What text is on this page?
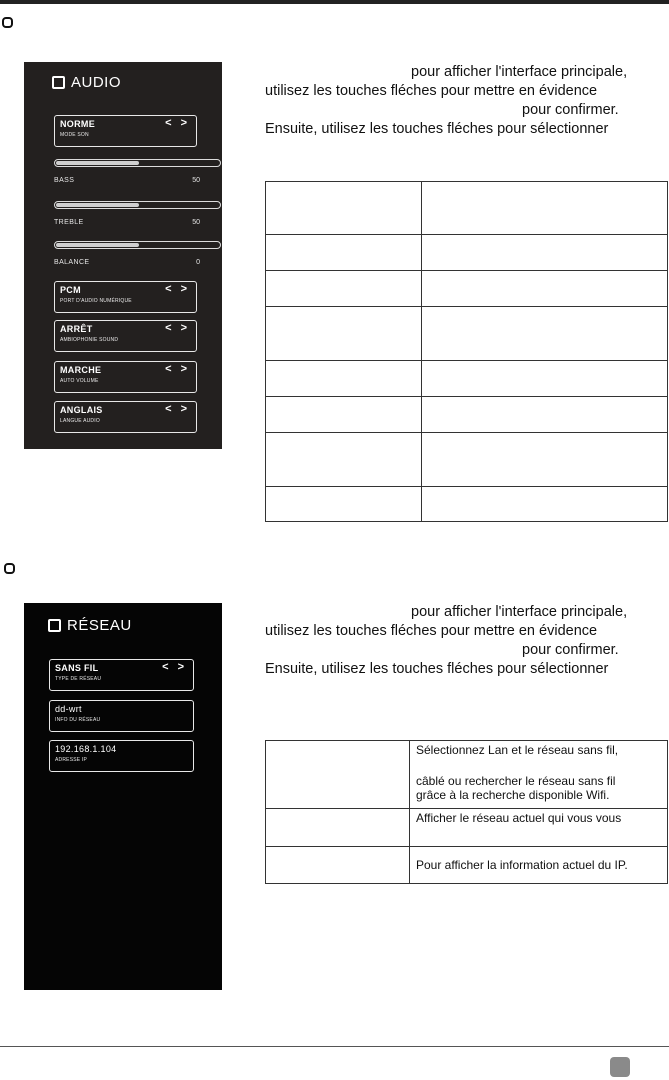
AUDIO
NORME
MODE SON
< >
BASS	50
TREBLE	50
BALANCE	0
PCM
PORT D'AUDIO NUMÉRIQUE
< >
ARRÊT
AMBIOPHONIE SOUND
< >
MARCHE
AUTO VOLUME
< >
ANGLAIS
LANGUE AUDIO
< >
pour afficher l'interface principale,
utilisez les touches fléches pour mettre en évidence
pour confirmer.
Ensuite, utilisez les touches fléches pour sélectionner

RÉSEAU
SANS FIL
TYPE DE RÉSEAU
< >
dd-wrt
INFO DU RÉSEAU
192.168.1.104
ADRESSE IP
pour afficher l'interface principale,
utilisez les touches fléches pour mettre en évidence
pour confirmer.
Ensuite, utilisez les touches fléches pour sélectionner

	Sélectionnez Lan et le réseau sans fil,
câblé ou rechercher le réseau sans fil
grâce à la recherche disponible Wifi.

	Afficher le réseau actuel qui vous vous

	Pour afficher la information actuel du IP.
